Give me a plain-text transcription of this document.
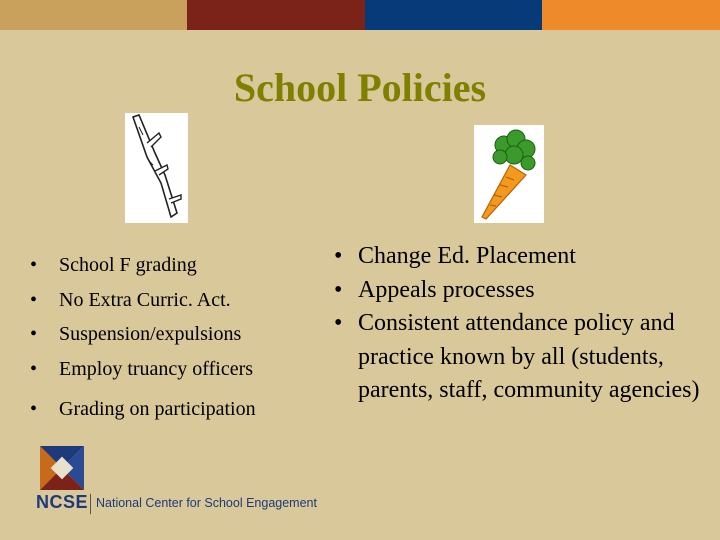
School Policies
• School F grading
• No Extra Curric. Act.
• Suspension/expulsions
• Employ truancy officers
• Grading on participation
• Change Ed. Placement
• Appeals processes
• Consistent attendance policy and practice known by all (students, parents, staff, community agencies)
NCSE National Center for School Engagement
